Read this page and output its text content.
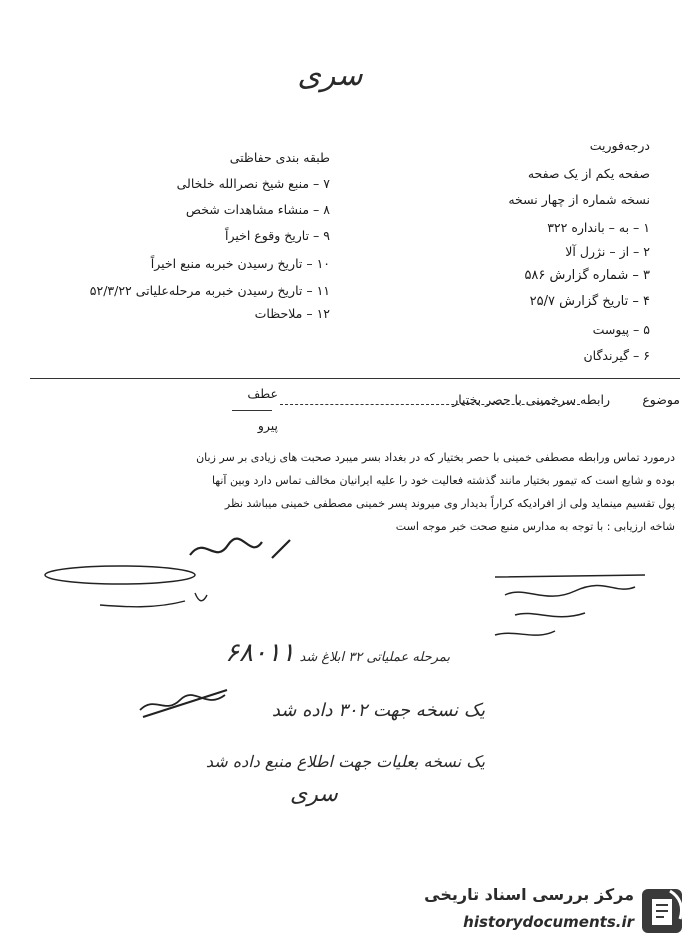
سری
درجه‌فوریت
صفحه یکم از یک صفحه
نسخه شماره از چهار نسخه
طبقه بندی حفاظتی
۱ – به – بانداره ۳۲۲
۲ – از – نژرل آلا
۳ – شماره گزارش ۵۸۶
۴ – تاریخ گزارش ۲۵/۷
۵ – پیوست
۶ – گیرندگان
۷ – منبع شیخ نصرالله خلخالی
۸ – منشاء مشاهدات شخص
۹ – تاریخ وقوع اخیراً
۱۰ – تاریخ رسیدن خبربه منبع اخیراً
۱۱ – تاریخ رسیدن خبربه مرحله‌علیاتی ۵۲/۳/۲۲
۱۲ – ملاحظات
موضوع
رابطه سرخمینی با حصر بختیار
عطف
پیرو

درمورد تماس ورابطه مصطفی خمینی با حصر بختیار که در بغداد بسر میبرد صحبت های زیادی بر سر زبان

بوده و شایع است که تیمور بختیار مانند گذشته فعالیت خود را علیه ایرانیان مخالف تماس دارد وبین آنها

پول تقسیم مینماید ولی از افرادیکه کراراً بدیدار وی میروند پسر خمینی مصطفی خمینی میباشد نظر

شاخه ارزیابی : با توجه به مدارس منبع صحت خبر موجه است

۶۸۰۱۱ بمرحله عملیاتی ۳۲ ابلاغ شد
یک نسخه جهت ۳۰۲ داده شد
یک نسخه بعلیات جهت اطلاع منبع داده شد
سری
مرکز بررسی اسناد تاریخی
historydocuments.ir
